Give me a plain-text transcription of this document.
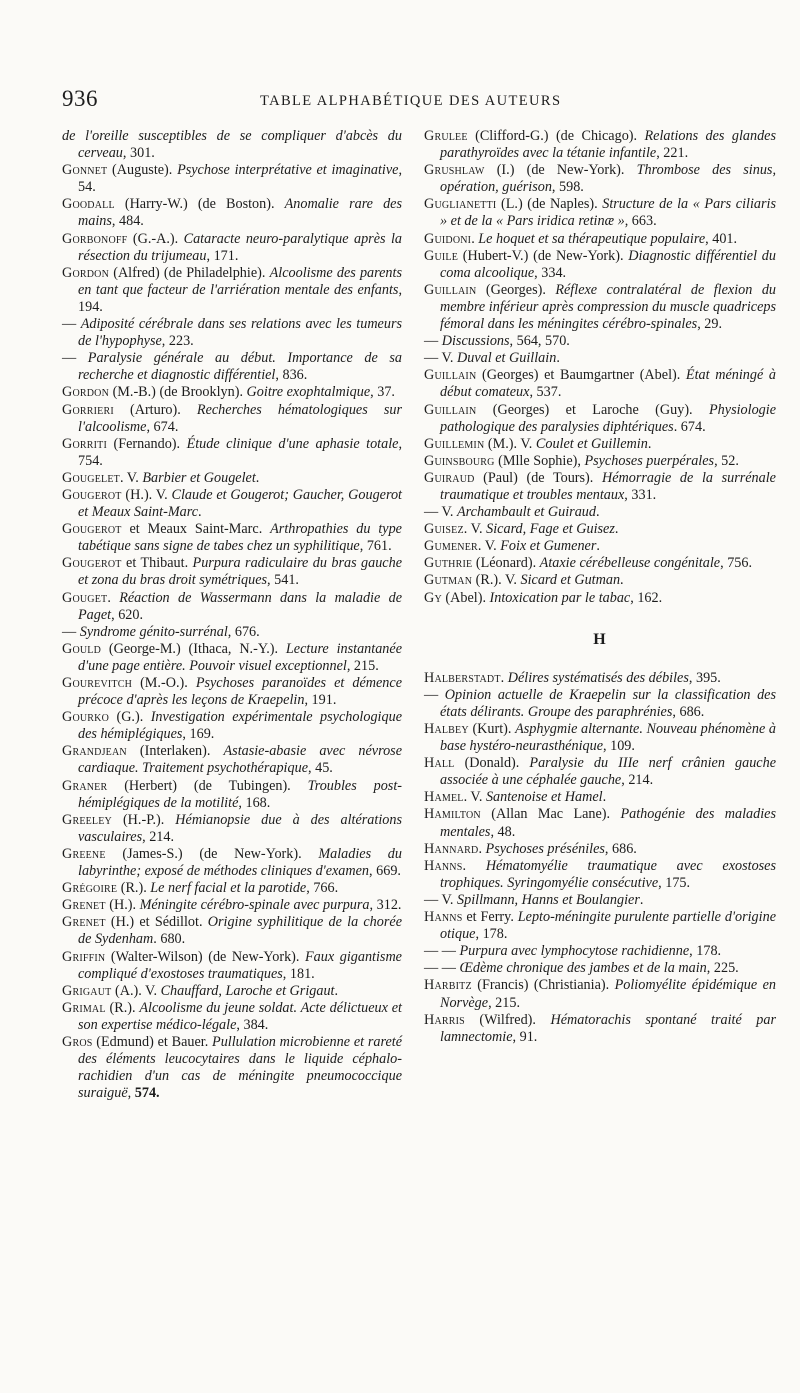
936	TABLE ALPHABÉTIQUE DES AUTEURS

de l'oreille susceptibles de se compliquer d'abcès du cerveau, 301.

Gonnet (Auguste). Psychose interprétative et imaginative, 54.

Goodall (Harry-W.) (de Boston). Anomalie rare des mains, 484.

Gorbonoff (G.-A.). Cataracte neuro-paralytique après la résection du trijumeau, 171.

Gordon (Alfred) (de Philadelphie). Alcoolisme des parents en tant que facteur de l'arriération mentale des enfants, 194.

— Adiposité cérébrale dans ses relations avec les tumeurs de l'hypophyse, 223.

— Paralysie générale au début. Importance de sa recherche et diagnostic différentiel, 836.

Gordon (M.-B.) (de Brooklyn). Goitre exophtalmique, 37.

Gorrieri (Arturo). Recherches hématologiques sur l'alcoolisme, 674.

Gorriti (Fernando). Étude clinique d'une aphasie totale, 754.

Gougelet. V. Barbier et Gougelet.

Gougerot (H.). V. Claude et Gougerot; Gaucher, Gougerot et Meaux Saint-Marc.

Gougerot et Meaux Saint-Marc. Arthropathies du type tabétique sans signe de tabes chez un syphilitique, 761.

Gougerot et Thibaut. Purpura radiculaire du bras gauche et zona du bras droit symétriques, 541.

Gouget. Réaction de Wassermann dans la maladie de Paget, 620.

— Syndrome génito-surrénal, 676.

Gould (George-M.) (Ithaca, N.-Y.). Lecture instantanée d'une page entière. Pouvoir visuel exceptionnel, 215.

Gourevitch (M.-O.). Psychoses paranoïdes et démence précoce d'après les leçons de Kraepelin, 191.

Gourko (G.). Investigation expérimentale psychologique des hémiplégiques, 169.

Grandjean (Interlaken). Astasie-abasie avec névrose cardiaque. Traitement psychothérapique, 45.

Graner (Herbert) (de Tubingen). Troubles post-hémiplégiques de la motilité, 168.

Greeley (H.-P.). Hémianopsie due à des altérations vasculaires, 214.

Greene (James-S.) (de New-York). Maladies du labyrinthe; exposé de méthodes cliniques d'examen, 669.

Grégoire (R.). Le nerf facial et la parotide, 766.

Grenet (H.). Méningite cérébro-spinale avec purpura, 312.

Grenet (H.) et Sédillot. Origine syphilitique de la chorée de Sydenham. 680.

Griffin (Walter-Wilson) (de New-York). Faux gigantisme compliqué d'exostoses traumatiques, 181.

Grigaut (A.). V. Chauffard, Laroche et Grigaut.

Grimal (R.). Alcoolisme du jeune soldat. Acte délictueux et son expertise médico-légale, 384.

Gros (Edmund) et Bauer. Pullulation microbienne et rareté des éléments leucocytaires dans le liquide céphalo-rachidien d'un cas de méningite pneumococcique suraiguë, 574.

Grulee (Clifford-G.) (de Chicago). Relations des glandes parathyroïdes avec la tétanie infantile, 221.

Grushlaw (I.) (de New-York). Thrombose des sinus, opération, guérison, 598.

Guglianetti (L.) (de Naples). Structure de la « Pars ciliaris » et de la « Pars iridica retinæ », 663.

Guidoni. Le hoquet et sa thérapeutique populaire, 401.

Guile (Hubert-V.) (de New-York). Diagnostic différentiel du coma alcoolique, 334.

Guillain (Georges). Réflexe contralatéral de flexion du membre inférieur après compression du muscle quadriceps fémoral dans les méningites cérébro-spinales, 29.

— Discussions, 564, 570.

— V. Duval et Guillain.

Guillain (Georges) et Baumgartner (Abel). État méningé à début comateux, 537.

Guillain (Georges) et Laroche (Guy). Physiologie pathologique des paralysies diphtériques. 674.

Guillemin (M.). V. Coulet et Guillemin.

Guinsbourg (Mlle Sophie), Psychoses puerpérales, 52.

Guiraud (Paul) (de Tours). Hémorragie de la surrénale traumatique et troubles mentaux, 331.

— V. Archambault et Guiraud.

Guisez. V. Sicard, Fage et Guisez.

Gumener. V. Foix et Gumener.

Guthrie (Léonard). Ataxie cérébelleuse congénitale, 756.

Gutman (R.). V. Sicard et Gutman.

Gy (Abel). Intoxication par le tabac, 162.

H

Halberstadt. Délires systématisés des débiles, 395.

— Opinion actuelle de Kraepelin sur la classification des états délirants. Groupe des paraphrénies, 686.

Halbey (Kurt). Asphygmie alternante. Nouveau phénomène à base hystéro-neurasthénique, 109.

Hall (Donald). Paralysie du IIIe nerf crânien gauche associée à une céphalée gauche, 214.

Hamel. V. Santenoise et Hamel.

Hamilton (Allan Mac Lane). Pathogénie des maladies mentales, 48.

Hannard. Psychoses préséniles, 686.

Hanns. Hématomyélie traumatique avec exostoses trophiques. Syringomyélie consécutive, 175.

— V. Spillmann, Hanns et Boulangier.

Hanns et Ferry. Lepto-méningite purulente partielle d'origine otique, 178.

— — Purpura avec lymphocytose rachidienne, 178.

— — Œdème chronique des jambes et de la main, 225.

Harbitz (Francis) (Christiania). Poliomyélite épidémique en Norvège, 215.

Harris (Wilfred). Hématorachis spontané traité par lamnectomie, 91.
